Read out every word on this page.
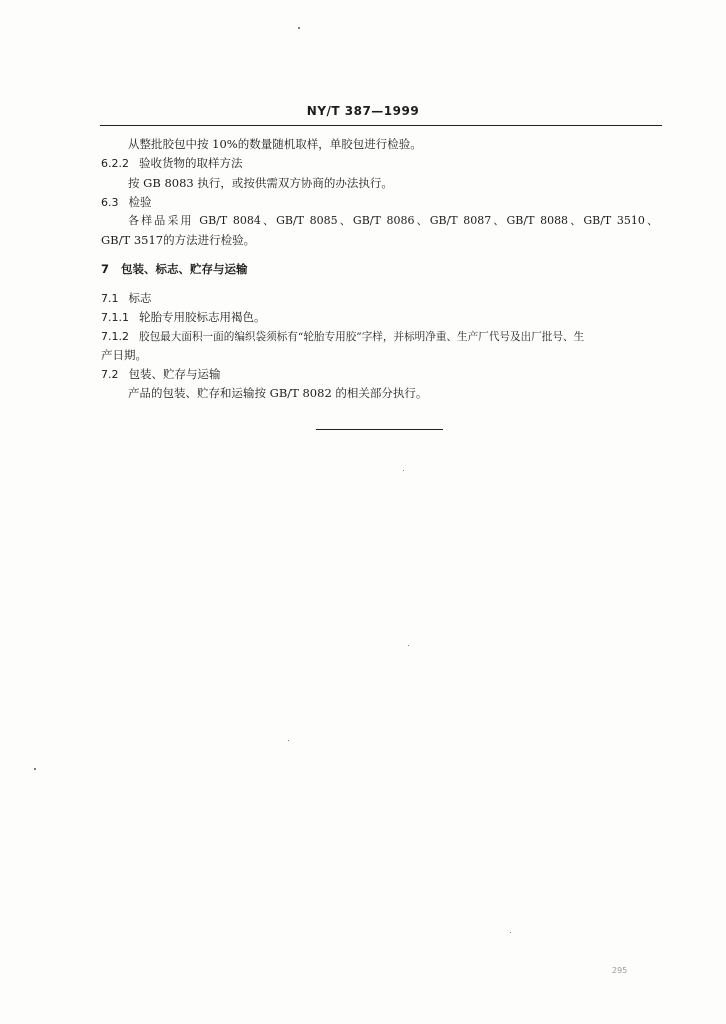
NY/T 387—1999
从整批胶包中按 10%的数量随机取样，单胶包进行检验。
6.2.2 验收货物的取样方法
按 GB 8083 执行，或按供需双方协商的办法执行。
6.3 检验
各样品采用 GB/T 8084、GB/T 8085、GB/T 8086、GB/T 8087、GB/T 8088、GB/T 3510、
GB/T 3517的方法进行检验。
7 包装、标志、贮存与运输
7.1 标志
7.1.1 轮胎专用胶标志用褐色。
7.1.2 胶包最大面积一面的编织袋须标有“轮胎专用胶”字样，并标明净重、生产厂代号及出厂批号、生
产日期。
7.2 包装、贮存与运输
产品的包装、贮存和运输按 GB/T 8082 的相关部分执行。
295
